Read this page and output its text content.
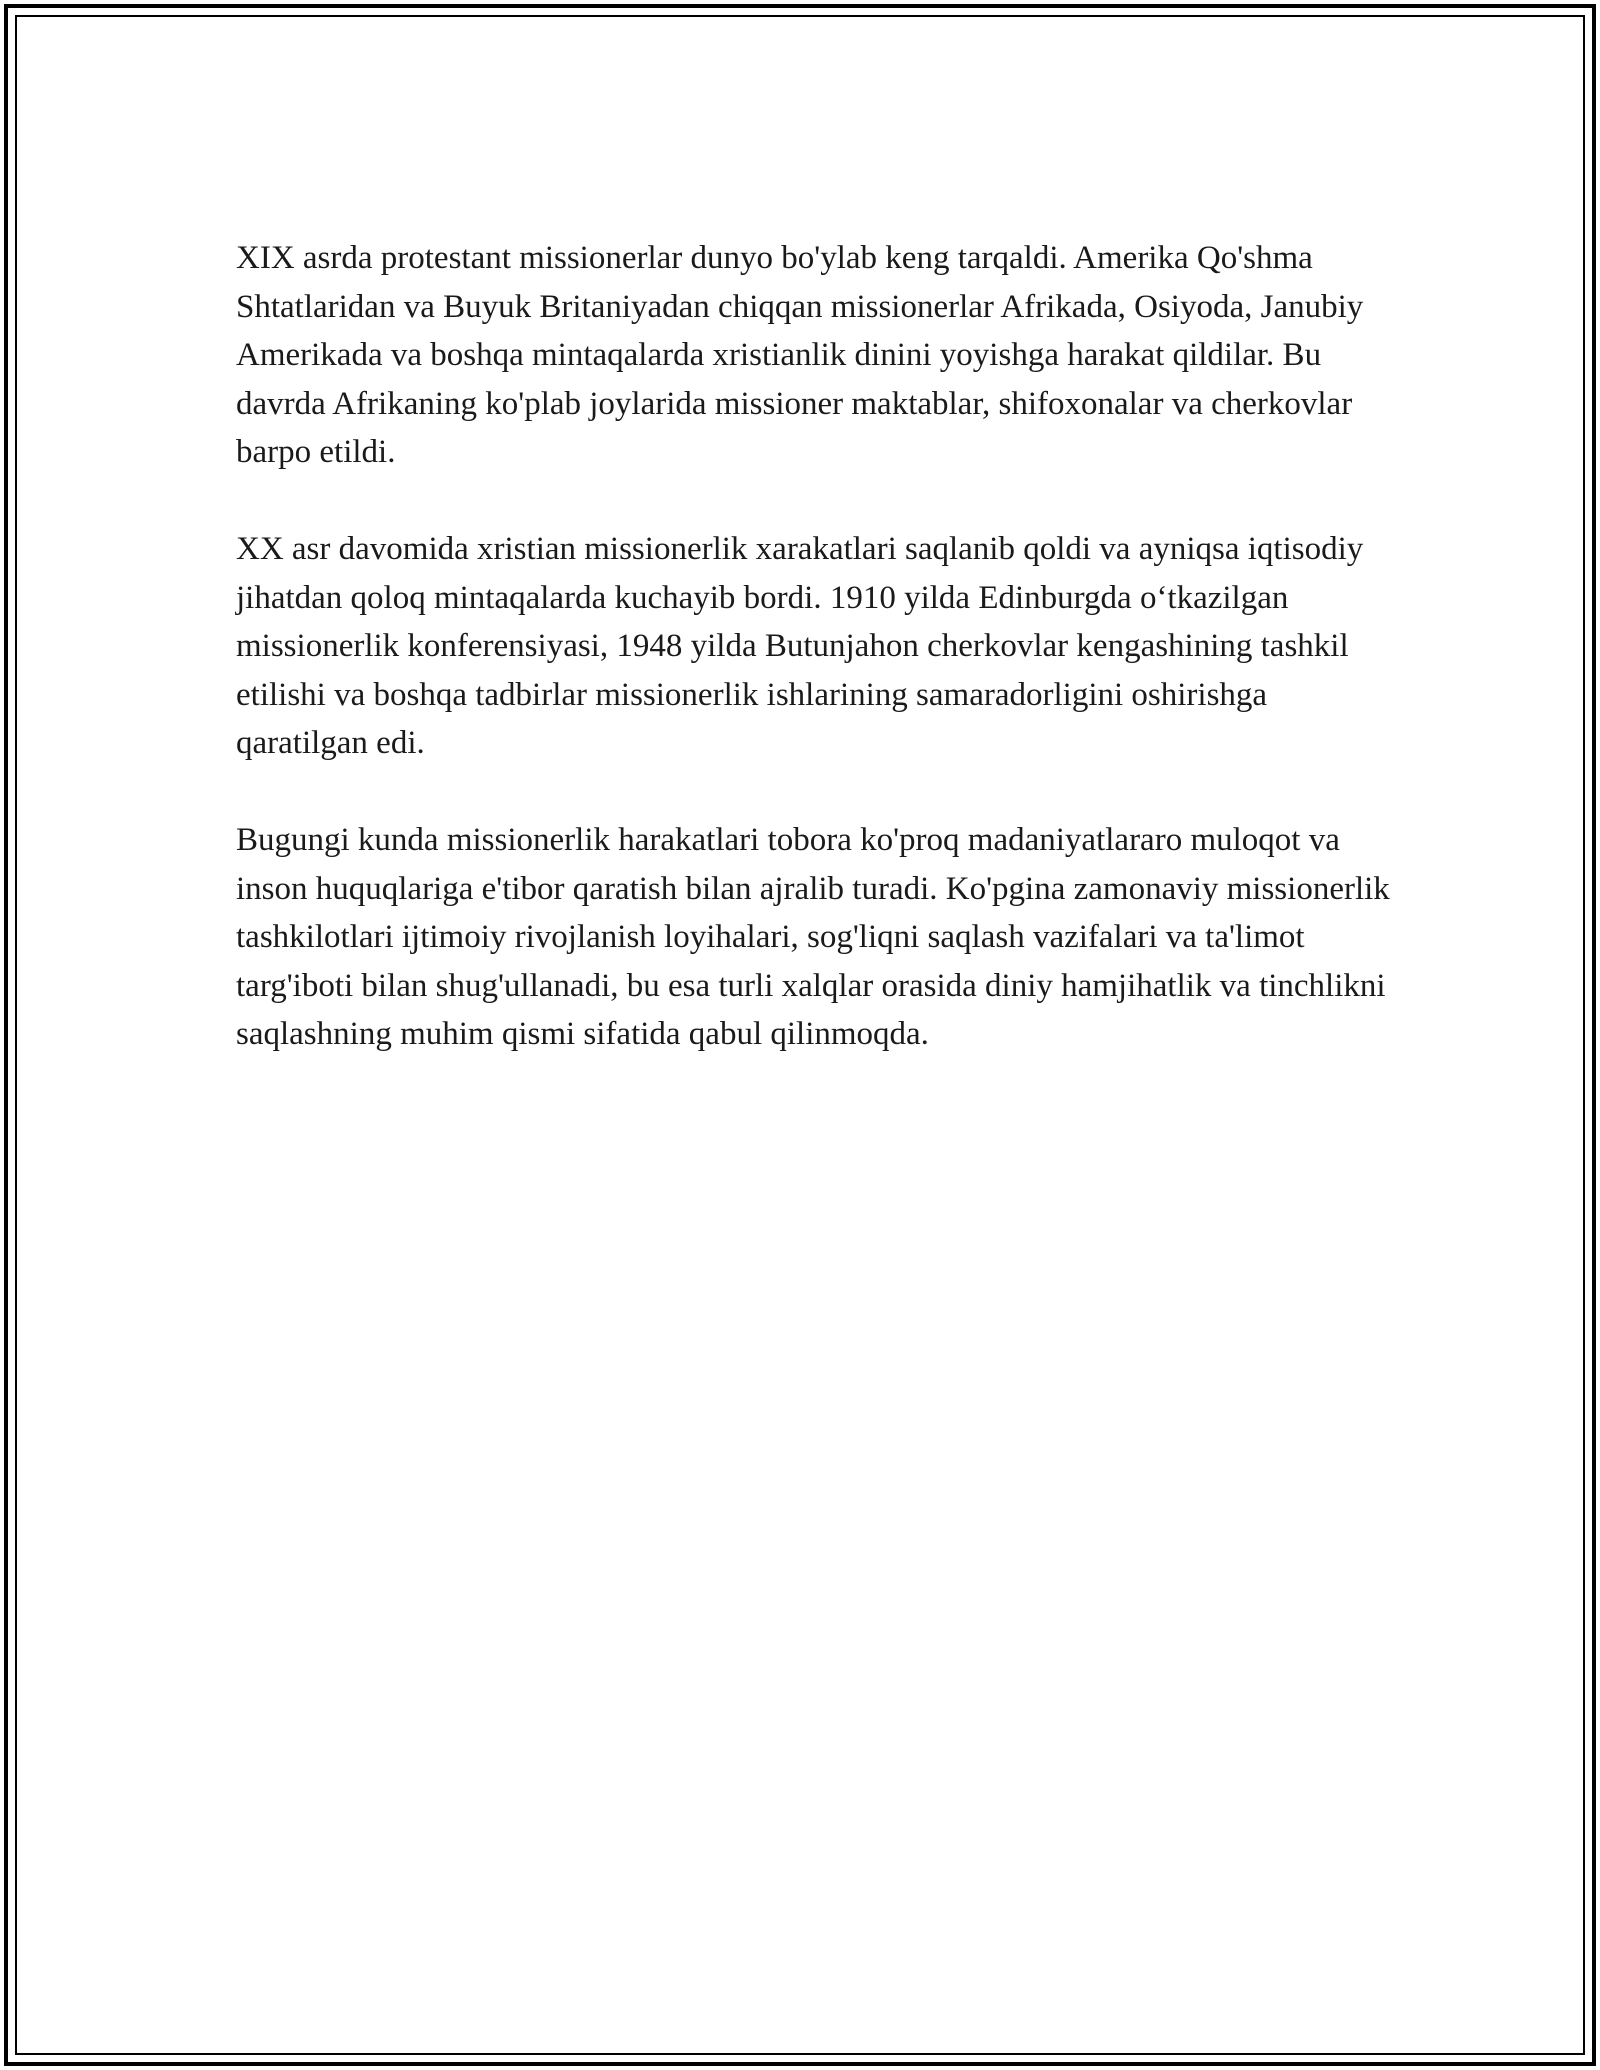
XIX asrda protestant missionerlar dunyo bo'ylab keng tarqaldi. Amerika Qo'shma Shtatlaridan va Buyuk Britaniyadan chiqqan missionerlar Afrikada, Osiyoda, Janubiy Amerikada va boshqa mintaqalarda xristianlik dinini yoyishga harakat qildilar. Bu davrda Afrikaning ko'plab joylarida missioner maktablar, shifoxonalar va cherkovlar barpo etildi.

XX asr davomida xristian missionerlik xarakatlari saqlanib qoldi va ayniqsa iqtisodiy jihatdan qoloq mintaqalarda kuchayib bordi. 1910 yilda Edinburgda o‘tkazilgan missionerlik konferensiyasi, 1948 yilda Butunjahon cherkovlar kengashining tashkil etilishi va boshqa tadbirlar missionerlik ishlarining samaradorligini oshirishga qaratilgan edi.

Bugungi kunda missionerlik harakatlari tobora ko'proq madaniyatlararo muloqot va inson huquqlariga e'tibor qaratish bilan ajralib turadi. Ko'pgina zamonaviy missionerlik tashkilotlari ijtimoiy rivojlanish loyihalari, sog'liqni saqlash vazifalari va ta'limot targ'iboti bilan shug'ullanadi, bu esa turli xalqlar orasida diniy hamjihatlik va tinchlikni saqlashning muhim qismi sifatida qabul qilinmoqda.
